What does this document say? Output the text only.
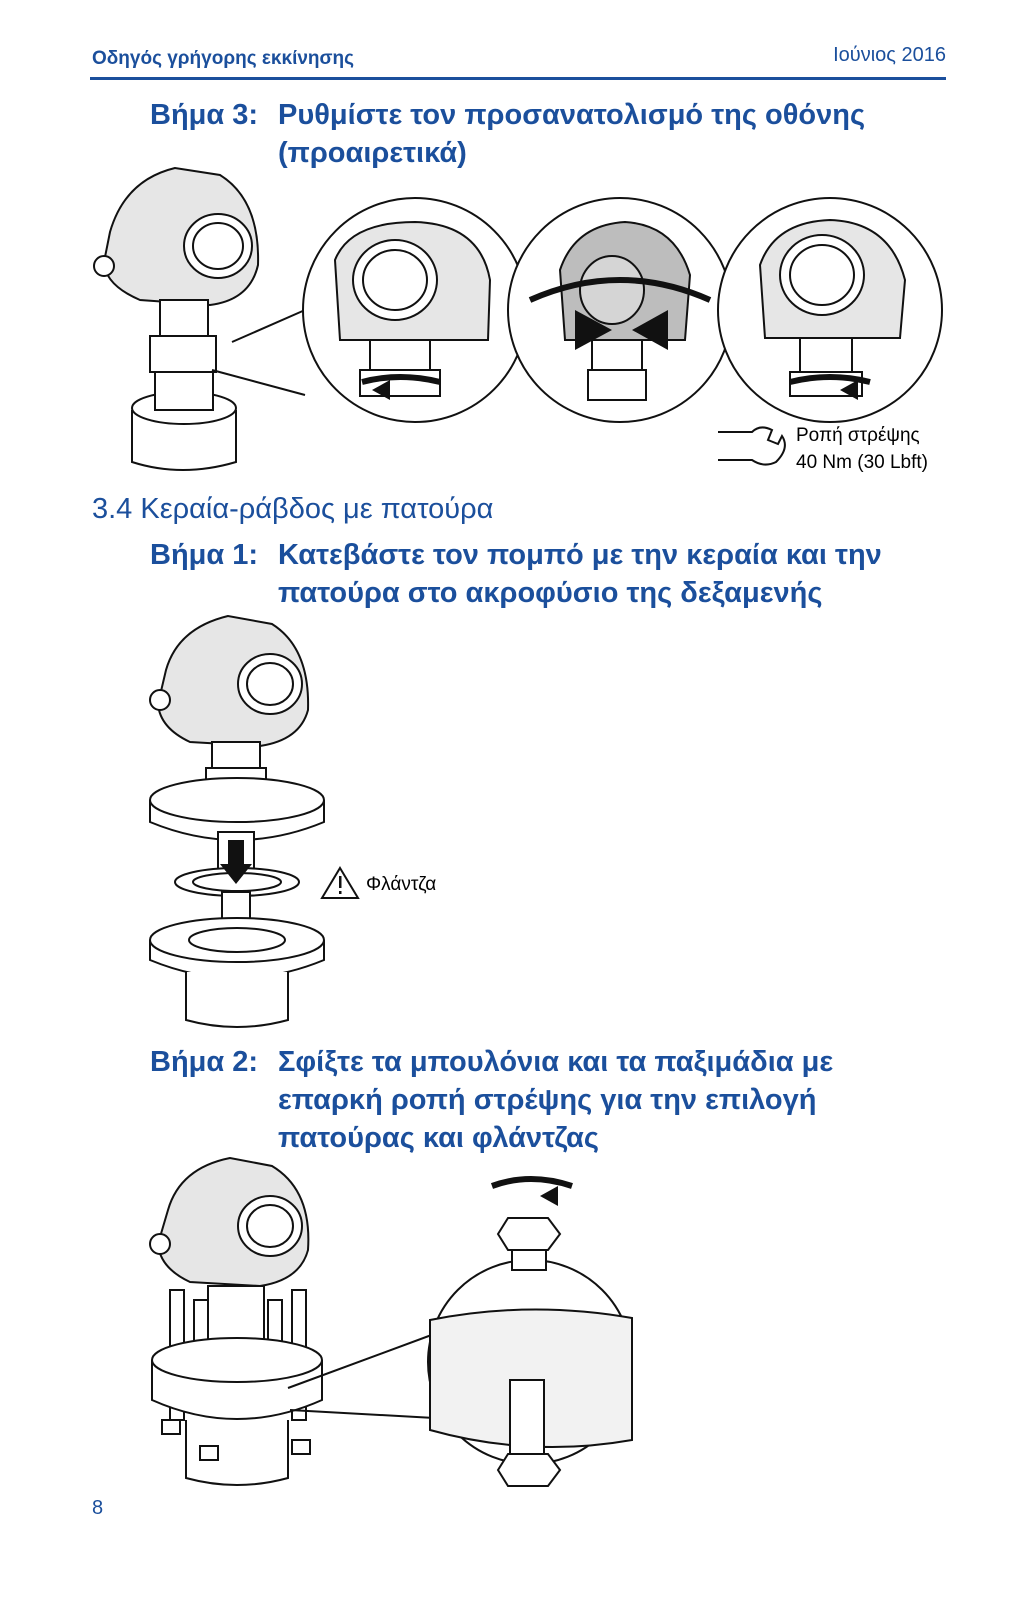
Οδηγός γρήγορης εκκίνησης	Ιούνιος 2016
Βήμα 3: Ρυθμίστε τον προσανατολισμό της οθόνης (προαιρετικά)
Ροπή στρέψης
40 Nm (30 Lbft)
3.4 Κεραία-ράβδος με πατούρα
Βήμα 1: Κατεβάστε τον πομπό με την κεραία και την πατούρα στο ακροφύσιο της δεξαμενής
Φλάντζα
Βήμα 2: Σφίξτε τα μπουλόνια και τα παξιμάδια με επαρκή ροπή στρέψης για την επιλογή πατούρας και φλάντζας
8
